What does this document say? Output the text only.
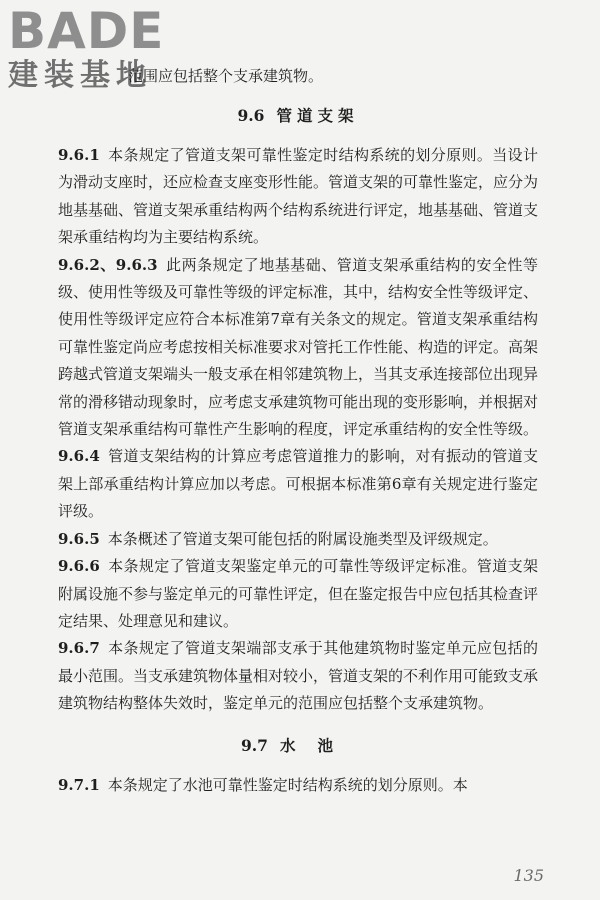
BADE
建装基地

范围应包括整个支承建筑物。

9.6 管道支架

9.6.1 本条规定了管道支架可靠性鉴定时结构系统的划分原则。当设计为滑动支座时，还应检查支座变形性能。管道支架的可靠性鉴定，应分为地基基础、管道支架承重结构两个结构系统进行评定，地基基础、管道支架承重结构均为主要结构系统。

9.6.2、9.6.3 此两条规定了地基基础、管道支架承重结构的安全性等级、使用性等级及可靠性等级的评定标准，其中，结构安全性等级评定、使用性等级评定应符合本标准第7章有关条文的规定。管道支架承重结构可靠性鉴定尚应考虑按相关标准要求对管托工作性能、构造的评定。高架跨越式管道支架端头一般支承在相邻建筑物上，当其支承连接部位出现异常的滑移错动现象时，应考虑支承建筑物可能出现的变形影响，并根据对管道支架承重结构可靠性产生影响的程度，评定承重结构的安全性等级。

9.6.4 管道支架结构的计算应考虑管道推力的影响，对有振动的管道支架上部承重结构计算应加以考虑。可根据本标准第6章有关规定进行鉴定评级。

9.6.5 本条概述了管道支架可能包括的附属设施类型及评级规定。

9.6.6 本条规定了管道支架鉴定单元的可靠性等级评定标准。管道支架附属设施不参与鉴定单元的可靠性评定，但在鉴定报告中应包括其检查评定结果、处理意见和建议。

9.6.7 本条规定了管道支架端部支承于其他建筑物时鉴定单元应包括的最小范围。当支承建筑物体量相对较小，管道支架的不利作用可能致支承建筑物结构整体失效时，鉴定单元的范围应包括整个支承建筑物。

9.7 水池

9.7.1 本条规定了水池可靠性鉴定时结构系统的划分原则。本

135
